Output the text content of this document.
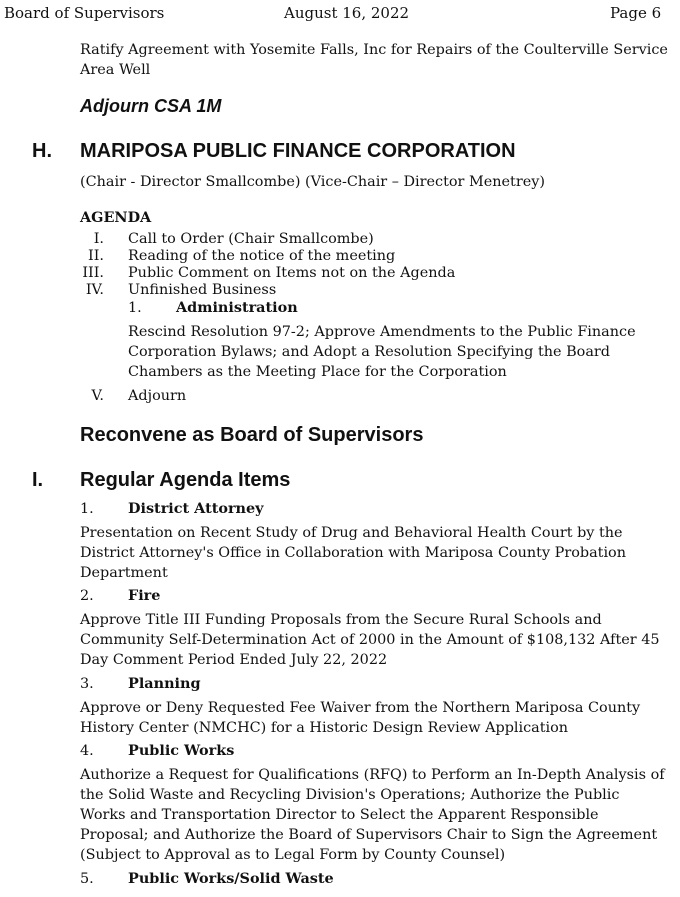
Board of Supervisors	August 16, 2022	Page 6
Ratify Agreement with Yosemite Falls, Inc for Repairs of the Coulterville Service
Area Well
Adjourn CSA 1M
H. MARIPOSA PUBLIC FINANCE CORPORATION
(Chair - Director Smallcombe) (Vice-Chair – Director Menetrey)
AGENDA
I. Call to Order (Chair Smallcombe)
II. Reading of the notice of the meeting
III. Public Comment on Items not on the Agenda
IV. Unfinished Business
1. Administration
Rescind Resolution 97-2; Approve Amendments to the Public Finance
Corporation Bylaws; and Adopt a Resolution Specifying the Board
Chambers as the Meeting Place for the Corporation
V. Adjourn
Reconvene as Board of Supervisors
I. Regular Agenda Items
1. District Attorney
Presentation on Recent Study of Drug and Behavioral Health Court by the
District Attorney's Office in Collaboration with Mariposa County Probation
Department
2. Fire
Approve Title III Funding Proposals from the Secure Rural Schools and
Community Self-Determination Act of 2000 in the Amount of $108,132 After 45
Day Comment Period Ended July 22, 2022
3. Planning
Approve or Deny Requested Fee Waiver from the Northern Mariposa County
History Center (NMCHC) for a Historic Design Review Application
4. Public Works
Authorize a Request for Qualifications (RFQ) to Perform an In-Depth Analysis of
the Solid Waste and Recycling Division's Operations; Authorize the Public
Works and Transportation Director to Select the Apparent Responsible
Proposal; and Authorize the Board of Supervisors Chair to Sign the Agreement
(Subject to Approval as to Legal Form by County Counsel)
5. Public Works/Solid Waste
